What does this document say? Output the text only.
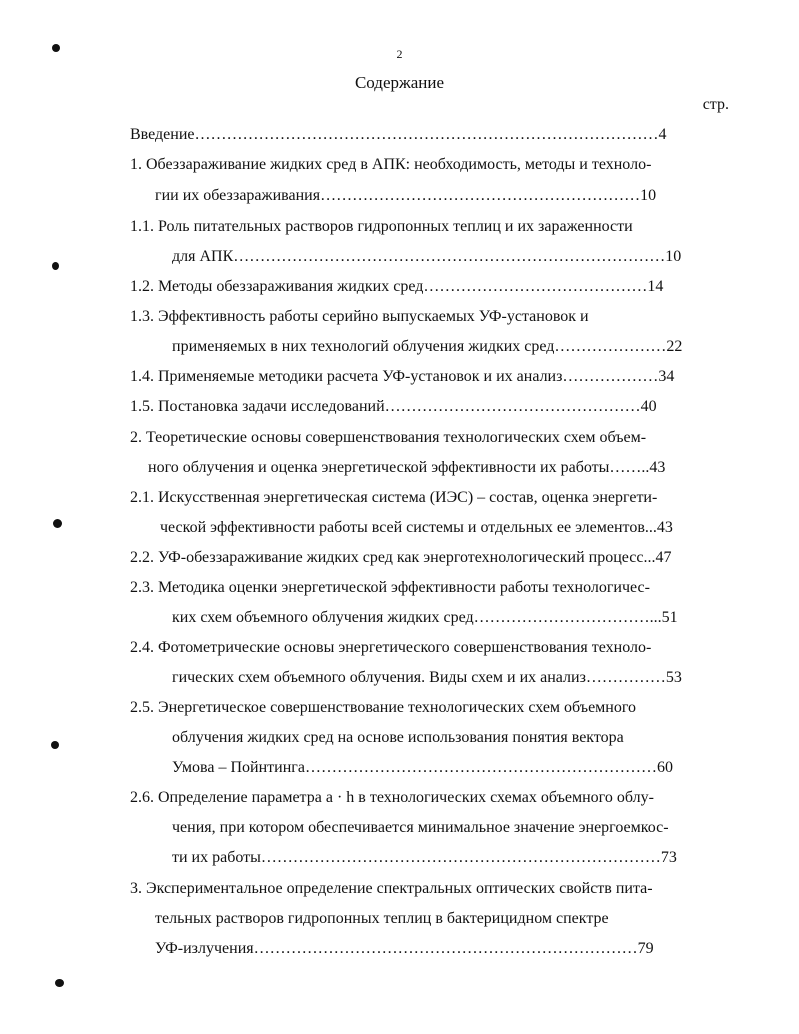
2
Содержание
стр.
Введение……………………………………………………………………………4
1. Обеззараживание жидких сред в АПК: необходимость, методы и техноло-
гии их обеззараживания……………………………………………………10
1.1. Роль питательных растворов гидропонных теплиц и их зараженности
для АПК………………………………………………………………………10
1.2. Методы обеззараживания жидких сред……………………………………14
1.3. Эффективность работы серийно выпускаемых УФ-установок и
применяемых в них технологий облучения жидких сред…………………22
1.4. Применяемые методики расчета УФ-установок и их анализ………………34
1.5. Постановка задачи исследований…………………………………………40
2. Теоретические основы совершенствования технологических схем объем-
ного облучения и оценка энергетической эффективности их работы……..43
2.1. Искусственная энергетическая система (ИЭС) – состав, оценка энергети-
ческой эффективности работы всей системы и отдельных ее элементов...43
2.2. УФ-обеззараживание жидких сред как энерготехнологический процесс...47
2.3. Методика оценки энергетической эффективности работы технологичес-
ких схем объемного облучения жидких сред……………………………...51
2.4. Фотометрические основы энергетического совершенствования техноло-
гических схем объемного облучения. Виды схем и их анализ……………53
2.5. Энергетическое совершенствование технологических схем объемного
облучения жидких сред на основе использования понятия вектора
Умова – Пойнтинга…………………………………………………………60
2.6. Определение параметра a · h в технологических схемах объемного облу-
чения, при котором обеспечивается минимальное значение энергоемкос-
ти их работы…………………………………………………………………73
3. Экспериментальное определение спектральных оптических свойств пита-
тельных растворов гидропонных теплиц в бактерицидном спектре
УФ-излучения………………………………………………………………79
